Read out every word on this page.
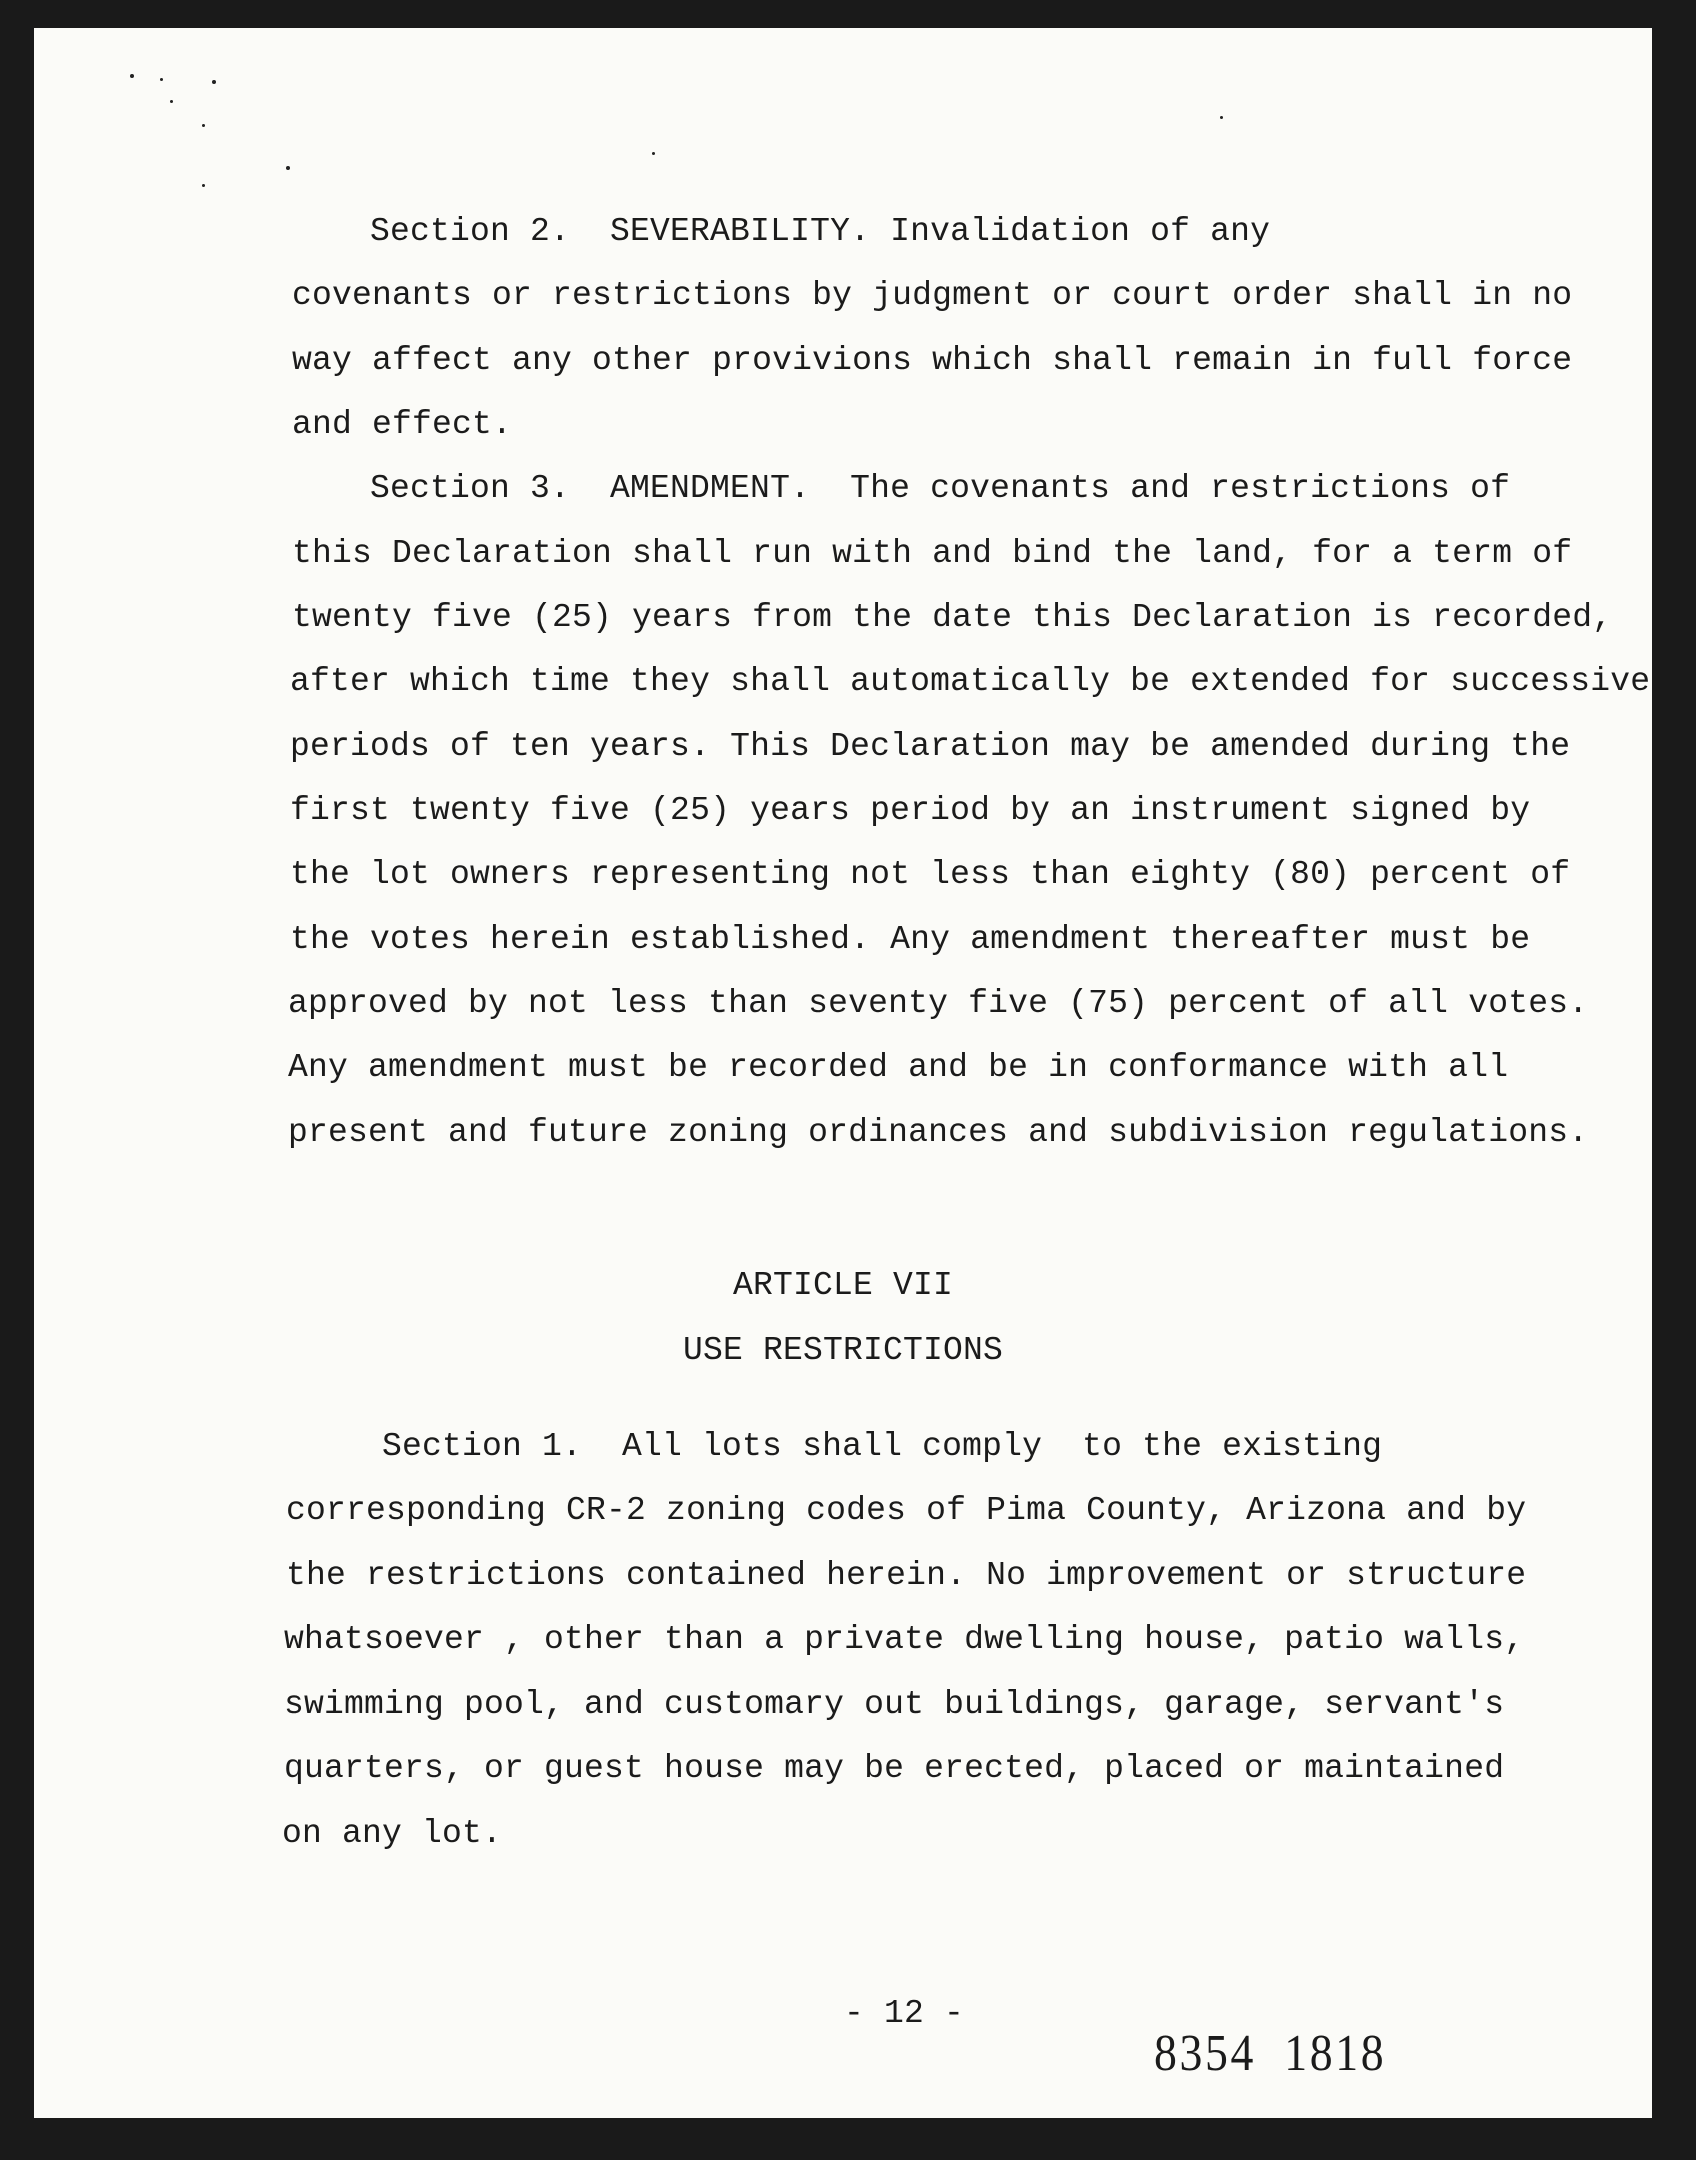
Section 2.  SEVERABILITY. Invalidation of any
covenants or restrictions by judgment or court order shall in no
way affect any other provivions which shall remain in full force
and effect.
Section 3.  AMENDMENT.  The covenants and restrictions of
this Declaration shall run with and bind the land, for a term of
twenty five (25) years from the date this Declaration is recorded,
after which time they shall automatically be extended for successive
periods of ten years. This Declaration may be amended during the
first twenty five (25) years period by an instrument signed by
the lot owners representing not less than eighty (80) percent of
the votes herein established. Any amendment thereafter must be
approved by not less than seventy five (75) percent of all votes.
Any amendment must be recorded and be in conformance with all
present and future zoning ordinances and subdivision regulations.
ARTICLE VII
USE RESTRICTIONS
Section 1.  All lots shall comply  to the existing
corresponding CR-2 zoning codes of Pima County, Arizona and by
the restrictions contained herein. No improvement or structure
whatsoever , other than a private dwelling house, patio walls,
swimming pool, and customary out buildings, garage, servant's
quarters, or guest house may be erected, placed or maintained
on any lot.
- 12 -
8354  1818
